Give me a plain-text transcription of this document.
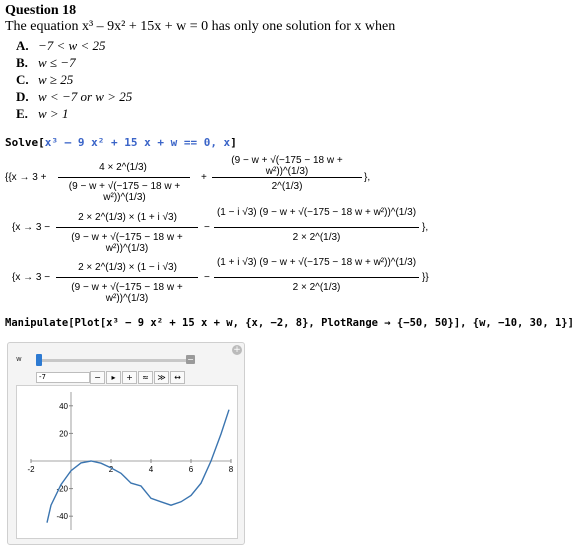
Question 18
The equation x³ – 9x² + 15x + w = 0 has only one solution for x when
A. −7 < w < 25
B. w ≤ −7
C. w ≥ 25
D. w < −7 or w > 25
E. w > 1
Solve[x³ – 9 x² + 15 x + w == 0, x]
{{x → 3 +
4 × 2^(1/3)
(9 − w + √(−175 − 18 w + w²))^(1/3)
+
(9 − w + √(−175 − 18 w + w²))^(1/3)
2^(1/3)
},
{x → 3 −
2 × 2^(1/3) × (1 + i √3)
(9 − w + √(−175 − 18 w + w²))^(1/3)
−
(1 − i √3) (9 − w + √(−175 − 18 w + w²))^(1/3)
2 × 2^(1/3)
},
{x → 3 −
2 × 2^(1/3) × (1 − i √3)
(9 − w + √(−175 − 18 w + w²))^(1/3)
−
(1 + i √3) (9 − w + √(−175 − 18 w + w²))^(1/3)
2 × 2^(1/3)
}}
Manipulate[Plot[x³ − 9 x² + 15 x + w, {x, −2, 8}, PlotRange → {−50, 50}], {w, −10, 30, 1}]
+
w	−
-7	−	▸	+	≈	≫	↔
-2	2	4	6	8
40
20
-20
-40
